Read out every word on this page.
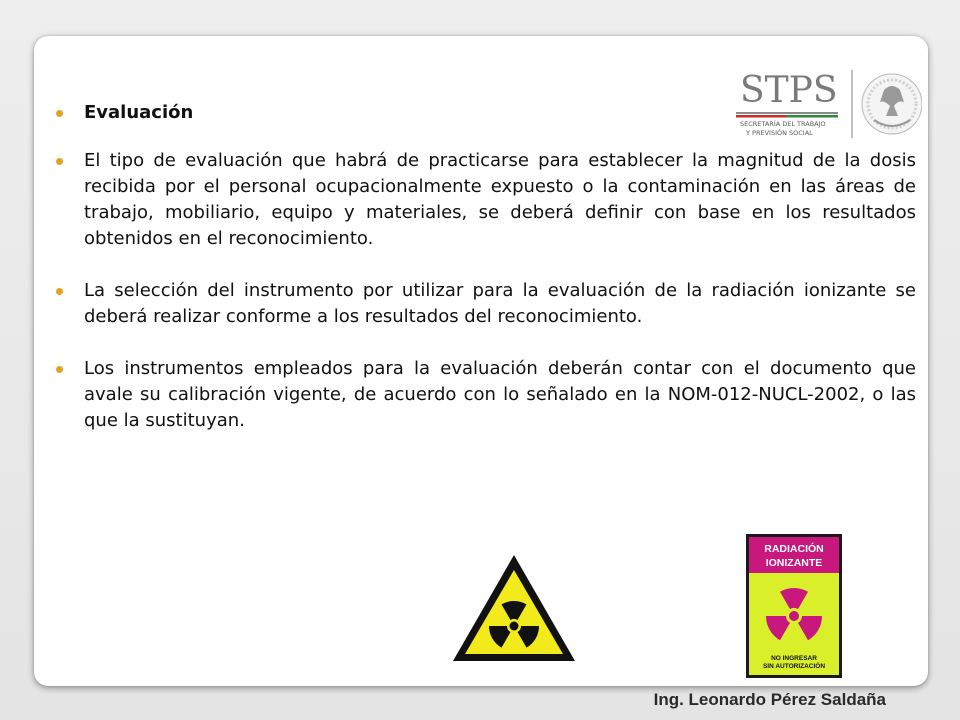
STPS
SECRETARÍA DEL TRABAJO
Y PREVISIÓN SOCIAL
Evaluación
El tipo de evaluación que habrá de practicarse para establecer la magnitud de la dosis recibida por el personal ocupacionalmente expuesto o la contaminación en las áreas de trabajo, mobiliario, equipo y materiales, se deberá definir con base en los resultados obtenidos en el reconocimiento.
La selección del instrumento por utilizar para la evaluación de la radiación ionizante se deberá realizar conforme a los resultados del reconocimiento.
Los instrumentos empleados para la evaluación deberán contar con el documento que avale su calibración vigente, de acuerdo con lo señalado en la NOM-012-NUCL-2002, o las que la sustituyan.
RADIACIÓN
IONIZANTE
NO INGRESAR
SIN AUTORIZACIÓN
Ing. Leonardo Pérez Saldaña
